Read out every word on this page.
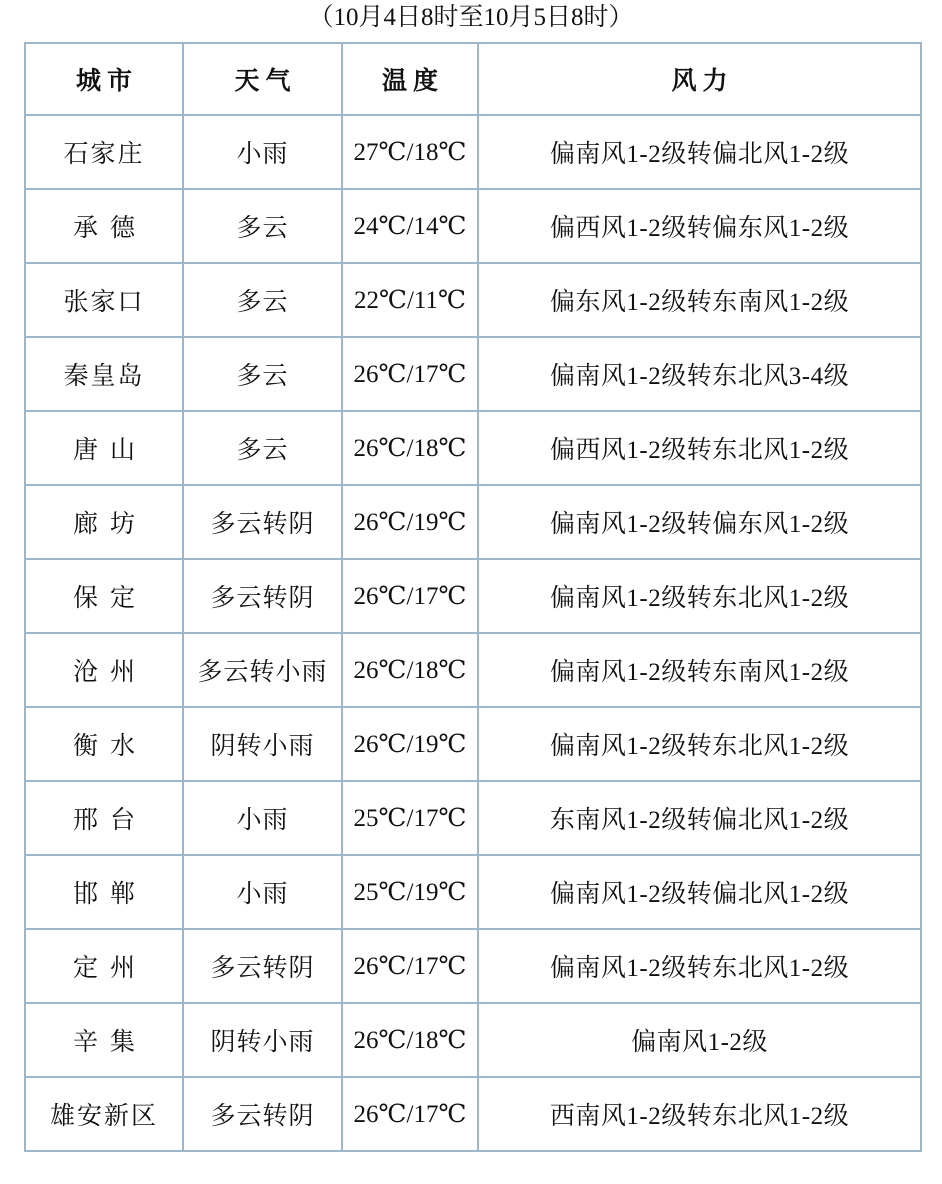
（10月4日8时至10月5日8时）
城市	天气	温度	风力
石家庄	小雨	27℃/18℃	偏南风1-2级转偏北风1-2级
承德	多云	24℃/14℃	偏西风1-2级转偏东风1-2级
张家口	多云	22℃/11℃	偏东风1-2级转东南风1-2级
秦皇岛	多云	26℃/17℃	偏南风1-2级转东北风3-4级
唐山	多云	26℃/18℃	偏西风1-2级转东北风1-2级
廊坊	多云转阴	26℃/19℃	偏南风1-2级转偏东风1-2级
保定	多云转阴	26℃/17℃	偏南风1-2级转东北风1-2级
沧州	多云转小雨	26℃/18℃	偏南风1-2级转东南风1-2级
衡水	阴转小雨	26℃/19℃	偏南风1-2级转东北风1-2级
邢台	小雨	25℃/17℃	东南风1-2级转偏北风1-2级
邯郸	小雨	25℃/19℃	偏南风1-2级转偏北风1-2级
定州	多云转阴	26℃/17℃	偏南风1-2级转东北风1-2级
辛集	阴转小雨	26℃/18℃	偏南风1-2级
雄安新区	多云转阴	26℃/17℃	西南风1-2级转东北风1-2级
